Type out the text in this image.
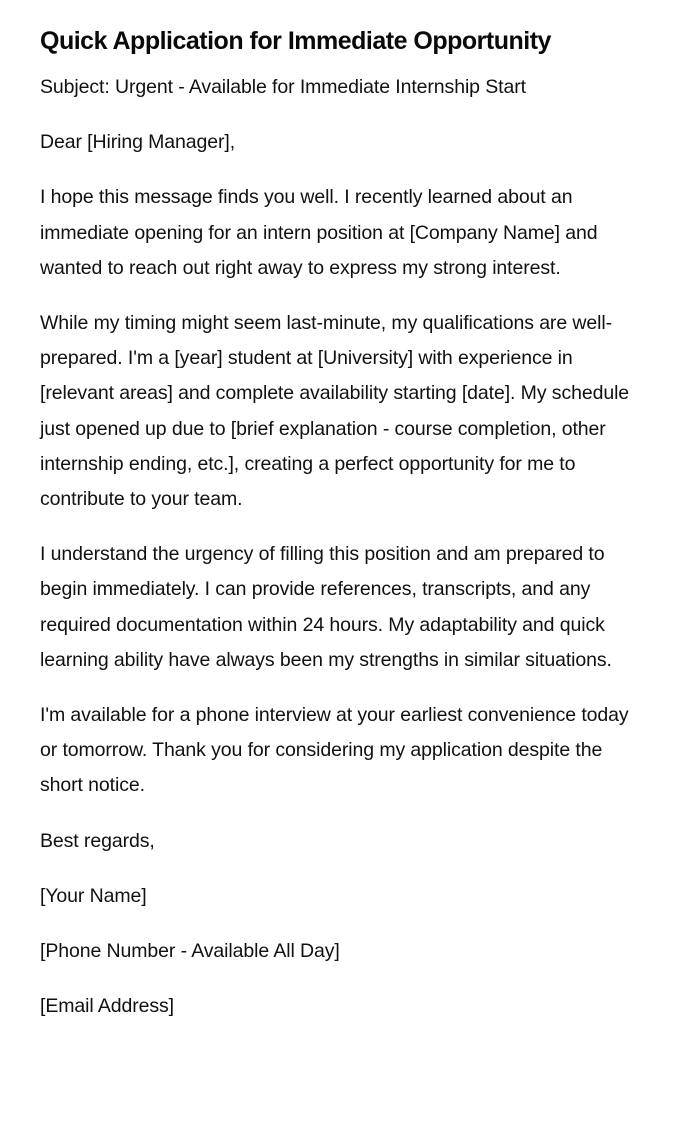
Quick Application for Immediate Opportunity

Subject: Urgent - Available for Immediate Internship Start

Dear [Hiring Manager],

I hope this message finds you well. I recently learned about an immediate opening for an intern position at [Company Name] and wanted to reach out right away to express my strong interest.

While my timing might seem last-minute, my qualifications are well-prepared. I'm a [year] student at [University] with experience in [relevant areas] and complete availability starting [date]. My schedule just opened up due to [brief explanation - course completion, other internship ending, etc.], creating a perfect opportunity for me to contribute to your team.

I understand the urgency of filling this position and am prepared to begin immediately. I can provide references, transcripts, and any required documentation within 24 hours. My adaptability and quick learning ability have always been my strengths in similar situations.

I'm available for a phone interview at your earliest convenience today or tomorrow. Thank you for considering my application despite the short notice.

Best regards,

[Your Name]

[Phone Number - Available All Day]

[Email Address]
